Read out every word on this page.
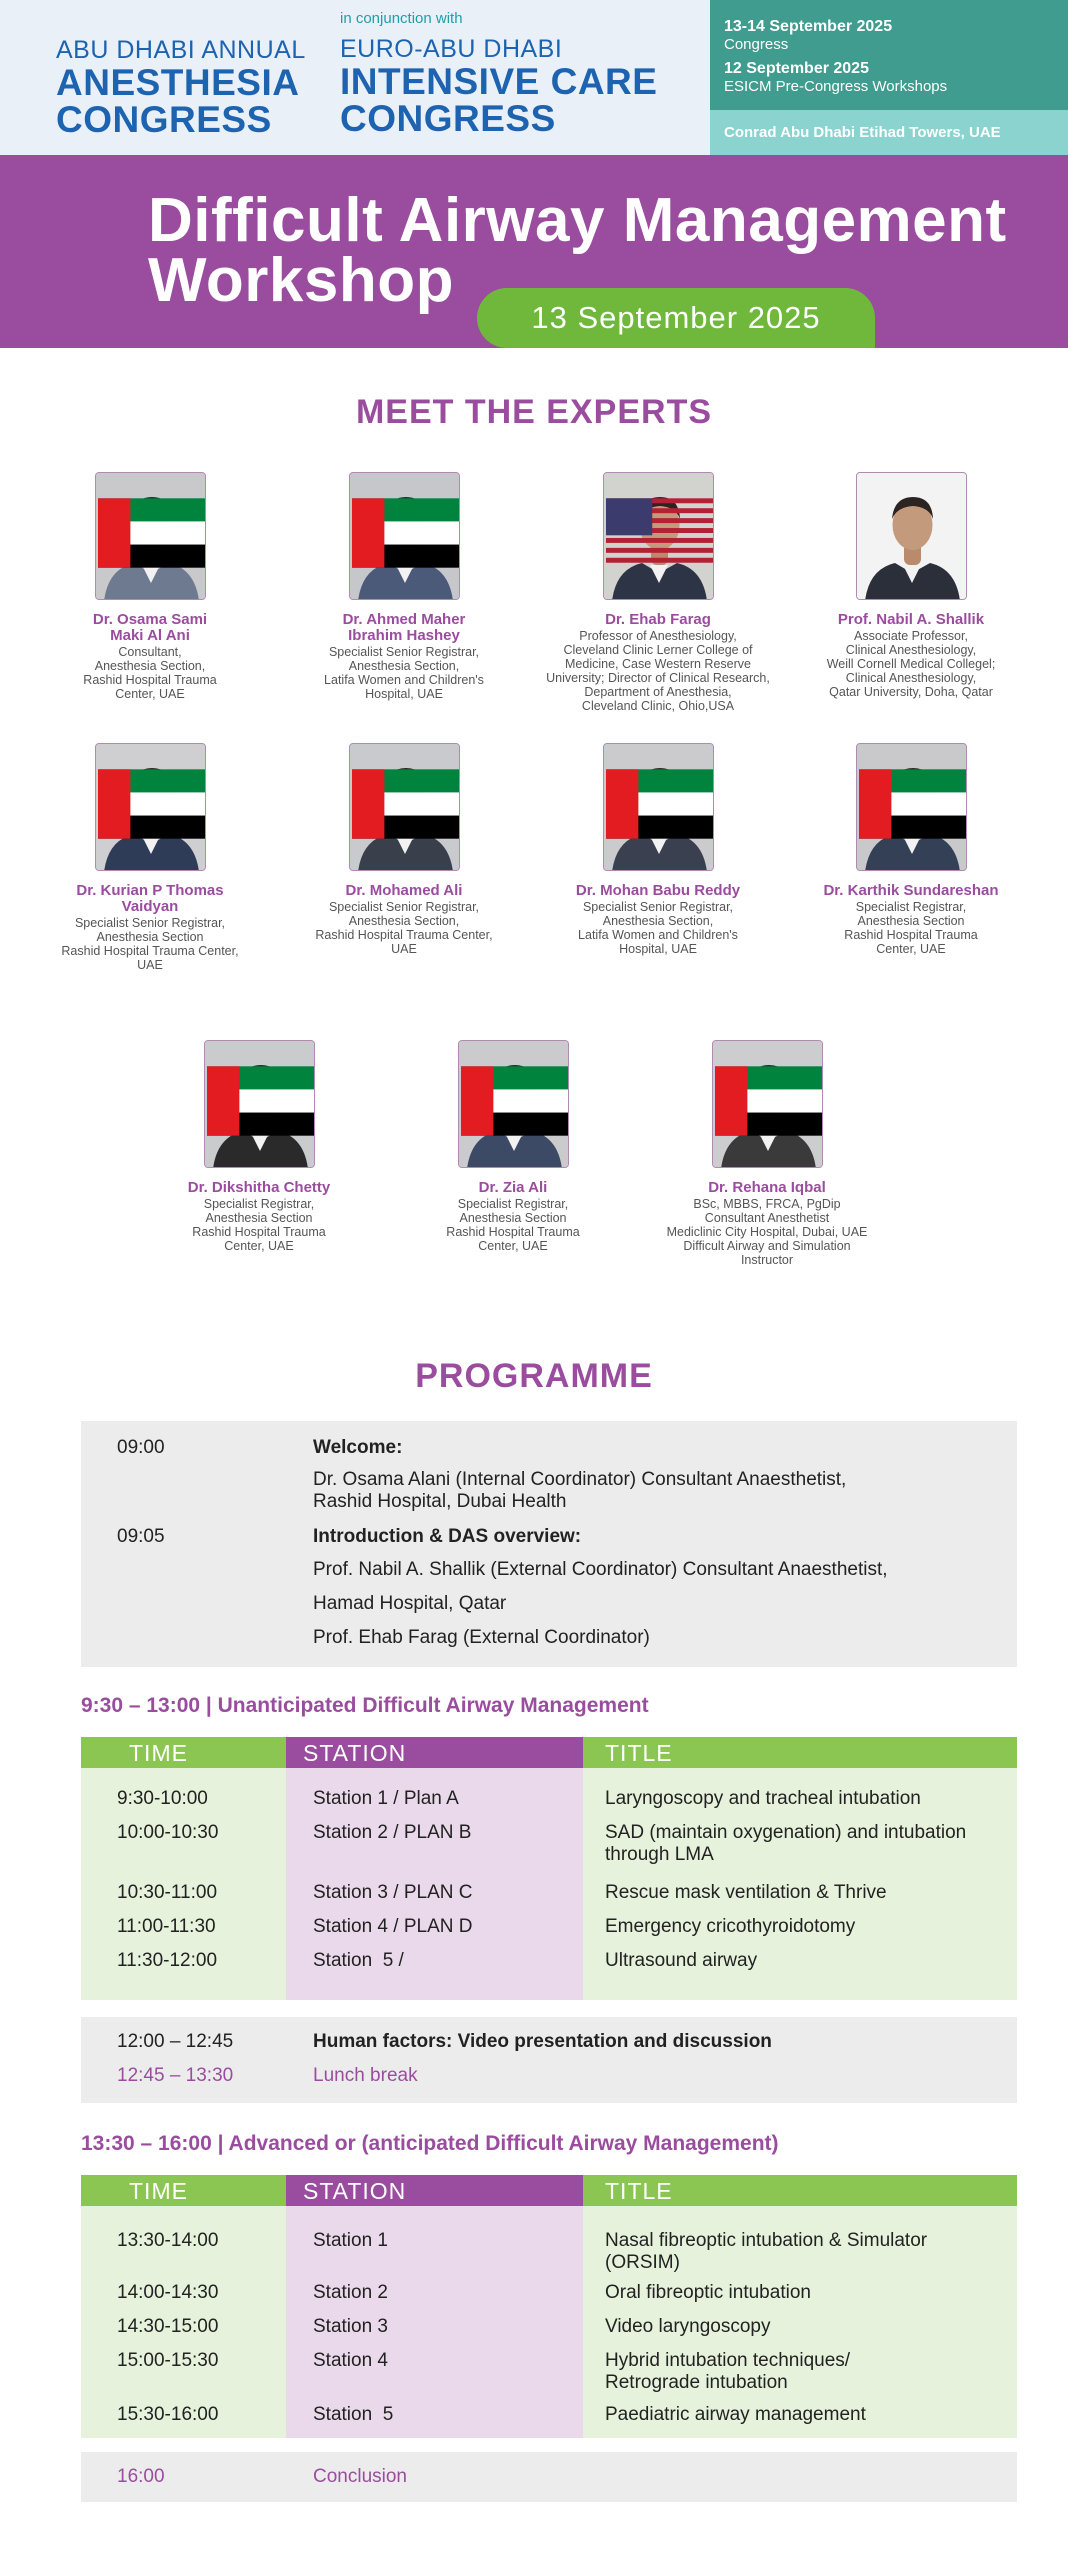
ABU DHABI ANNUAL
ANESTHESIA
CONGRESS
in conjunction with
EURO-ABU DHABI
INTENSIVE CARE
CONGRESS
13-14 September 2025
Congress
12 September 2025
ESICM Pre-Congress Workshops
Conrad Abu Dhabi Etihad Towers, UAE
Difficult Airway Management
Workshop
13 September 2025
MEET THE EXPERTS
Dr. Osama Sami
Maki Al Ani
Consultant,
Anesthesia Section,
Rashid Hospital Trauma
Center, UAE
Dr. Ahmed Maher
Ibrahim Hashey
Specialist Senior Registrar,
Anesthesia Section,
Latifa Women and Children's
Hospital, UAE
Dr. Ehab Farag
Professor of Anesthesiology,
Cleveland Clinic Lerner College of
Medicine, Case Western Reserve
University; Director of Clinical Research,
Department of Anesthesia,
Cleveland Clinic, Ohio,USA
Prof. Nabil A. Shallik
Associate Professor,
Clinical Anesthesiology,
Weill Cornell Medical Collegel;
Clinical Anesthesiology,
Qatar University, Doha, Qatar
Dr. Kurian P Thomas
Vaidyan
Specialist Senior Registrar,
Anesthesia Section
Rashid Hospital Trauma Center,
UAE
Dr. Mohamed Ali
Specialist Senior Registrar,
Anesthesia Section,
Rashid Hospital Trauma Center,
UAE
Dr. Mohan Babu Reddy
Specialist Senior Registrar,
Anesthesia Section,
Latifa Women and Children's
Hospital, UAE
Dr. Karthik Sundareshan
Specialist Registrar,
Anesthesia Section
Rashid Hospital Trauma
Center, UAE
Dr. Dikshitha Chetty
Specialist Registrar,
Anesthesia Section
Rashid Hospital Trauma
Center, UAE
Dr. Zia Ali
Specialist Registrar,
Anesthesia Section
Rashid Hospital Trauma
Center, UAE
Dr. Rehana Iqbal
BSc, MBBS, FRCA, PgDip
Consultant Anesthetist
Mediclinic City Hospital, Dubai, UAE
Difficult Airway and Simulation
Instructor
PROGRAMME
09:00	Welcome:
Dr. Osama Alani (Internal Coordinator) Consultant Anaesthetist,
Rashid Hospital, Dubai Health
09:05	Introduction & DAS overview:
Prof. Nabil A. Shallik (External Coordinator) Consultant Anaesthetist,
Hamad Hospital, Qatar
Prof. Ehab Farag (External Coordinator)
9:30 – 13:00 | Unanticipated Difficult Airway Management
TIME	STATION	TITLE
9:30-10:00	Station 1 / Plan A	Laryngoscopy and tracheal intubation
10:00-10:30	Station 2 / PLAN B	SAD (maintain oxygenation) and intubation
through LMA
10:30-11:00	Station 3 / PLAN C	Rescue mask ventilation & Thrive
11:00-11:30	Station 4 / PLAN D	Emergency cricothyroidotomy
11:30-12:00	Station  5 /	Ultrasound airway
12:00 – 12:45	Human factors: Video presentation and discussion
12:45 – 13:30	Lunch break
13:30 – 16:00 | Advanced or (anticipated Difficult Airway Management)
TIME	STATION	TITLE
13:30-14:00	Station 1	Nasal fibreoptic intubation & Simulator
(ORSIM)
14:00-14:30	Station 2	Oral fibreoptic intubation
14:30-15:00	Station 3	Video laryngoscopy
15:00-15:30	Station 4	Hybrid intubation techniques/
Retrograde intubation
15:30-16:00	Station  5	Paediatric airway management
16:00	Conclusion
